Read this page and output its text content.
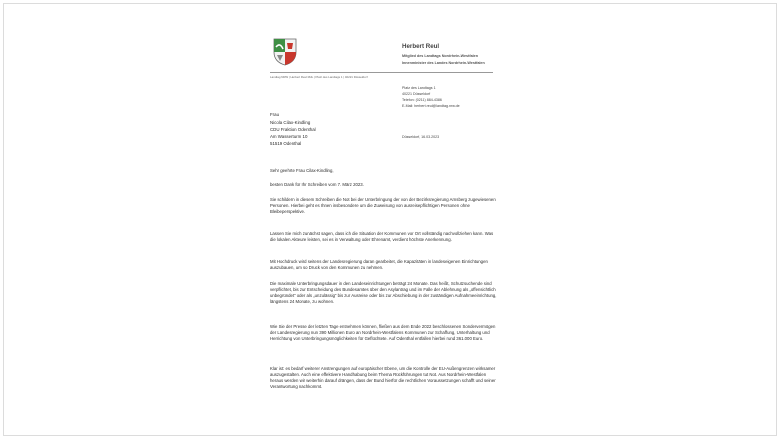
Herbert Reul
Mitglied des Landtags Nordrhein-Westfalen
Innenminister des Landes Nordrhein-Westfalen
Landtag NRW | Herbert Reul MdL | Platz des Landtags 1 | 40221 Düsseldorf
Platz des Landtags 1
40221 Düsseldorf
Telefon: (0211) 884-4386
E-Mail: herbert.reul@landtag.nrw.de
Frau
Nicola Cilax-Kindling
CDU Fraktion Odenthal
Am Wasserturm 10
51519 Odenthal
Düsseldorf, 16.03.2023
Sehr geehrte Frau Cilax-Kindling,
besten Dank für Ihr Schreiben vom 7. März 2023.
Sie schildern in diesem Schreiben die Not bei der Unterbringung der von der Bezirksregierung Arnsberg zugewiesenen Personen. Hierbei geht es Ihnen insbesondere um die Zuweisung von ausreisepflichtigen Personen ohne Bleibeperspektive.
Lassen Sie mich zunächst sagen, dass ich die Situation der Kommunen vor Ort vollständig nachvollziehen kann. Was die lokalen Akteure leisten, sei es in Verwaltung oder Ehrenamt, verdient höchste Anerkennung.
Mit Hochdruck wird seitens der Landesregierung daran gearbeitet, die Kapazitäten in landeseigenen Einrichtungen auszubauen, um so Druck von den Kommunen zu nehmen.
Die maximale Unterbringungsdauer in den Landeseinrichtungen beträgt 24 Monate. Das heißt, Schutzsuchende sind verpflichtet, bis zur Entscheidung des Bundesamtes über den Asylantrag und im Falle der Ablehnung als „offensichtlich unbegründet“ oder als „unzulässig“ bis zur Ausreise oder bis zur Abschiebung in der zuständigen Aufnahmeeinrichtung, längstens 24 Monate, zu wohnen.
Wie Sie der Presse der letzten Tage entnehmen können, fließen aus dem Ende 2022 beschlossenen Sondervermögen der Landesregierung nun 390 Millionen Euro an Nordrhein-Westfalens Kommunen zur Schaffung, Unterhaltung und Herrichtung von Unterbringungsmöglichkeiten für Geflüchtete. Auf Odenthal entfallen hierbei rund 361.000 Euro.
Klar ist: es bedarf weiterer Anstrengungen auf europäischer Ebene, um die Kontrolle der EU-Außengrenzen wirksamer auszugestalten. Auch eine effektivere Handhabung beim Thema Rückführungen tut Not. Aus Nordrhein-Westfalen heraus werden wir weiterhin darauf drängen, dass der Bund hierfür die rechtlichen Voraussetzungen schafft und seiner Verantwortung nachkommt.
